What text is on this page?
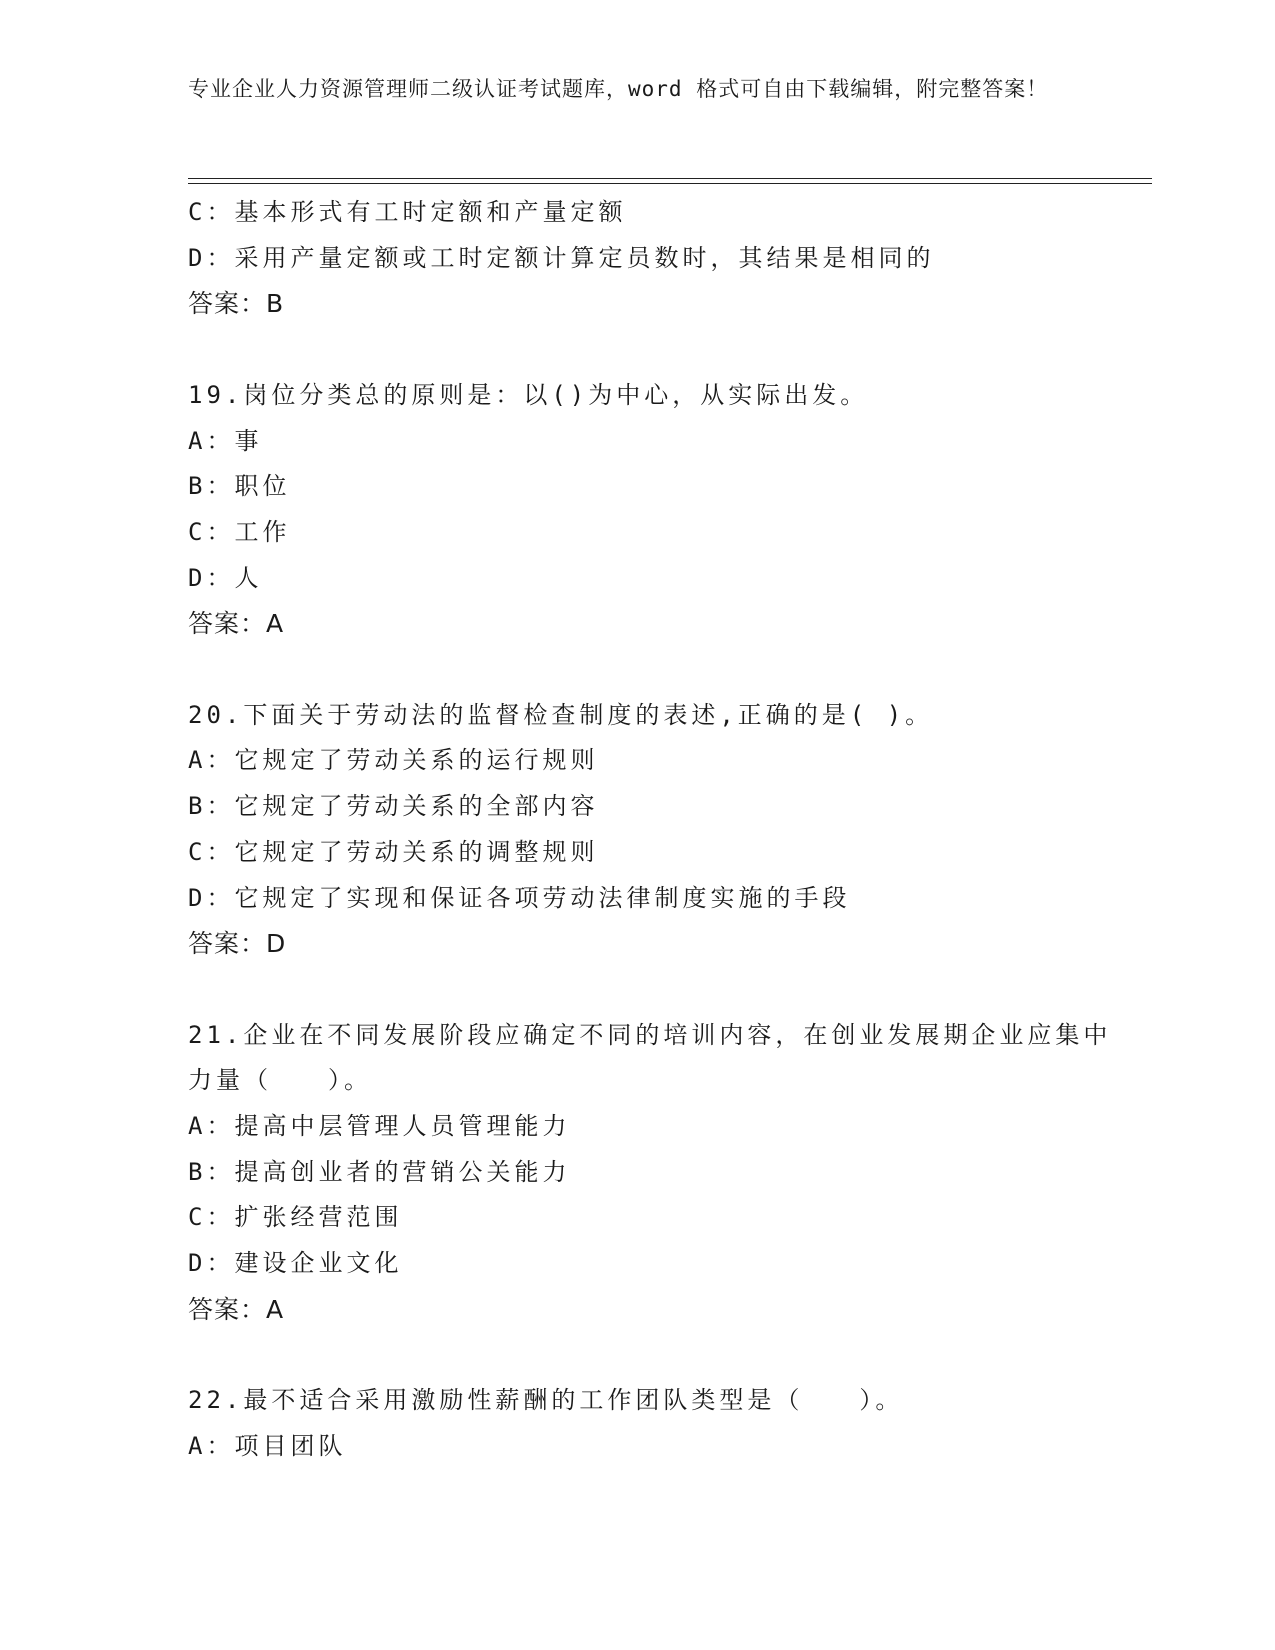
专业企业人力资源管理师二级认证考试题库，word 格式可自由下载编辑，附完整答案！
C：基本形式有工时定额和产量定额
D：采用产量定额或工时定额计算定员数时，其结果是相同的
答案：B
19.岗位分类总的原则是：以()为中心，从实际出发。
A：事
B：职位
C：工作
D：人
答案：A
20.下面关于劳动法的监督检查制度的表述,正确的是( )。
A：它规定了劳动关系的运行规则
B：它规定了劳动关系的全部内容
C：它规定了劳动关系的调整规则
D：它规定了实现和保证各项劳动法律制度实施的手段
答案：D
21.企业在不同发展阶段应确定不同的培训内容，在创业发展期企业应集中力量（　　）。
A：提高中层管理人员管理能力
B：提高创业者的营销公关能力
C：扩张经营范围
D：建设企业文化
答案：A
22.最不适合采用激励性薪酬的工作团队类型是（　　）。
A：项目团队
